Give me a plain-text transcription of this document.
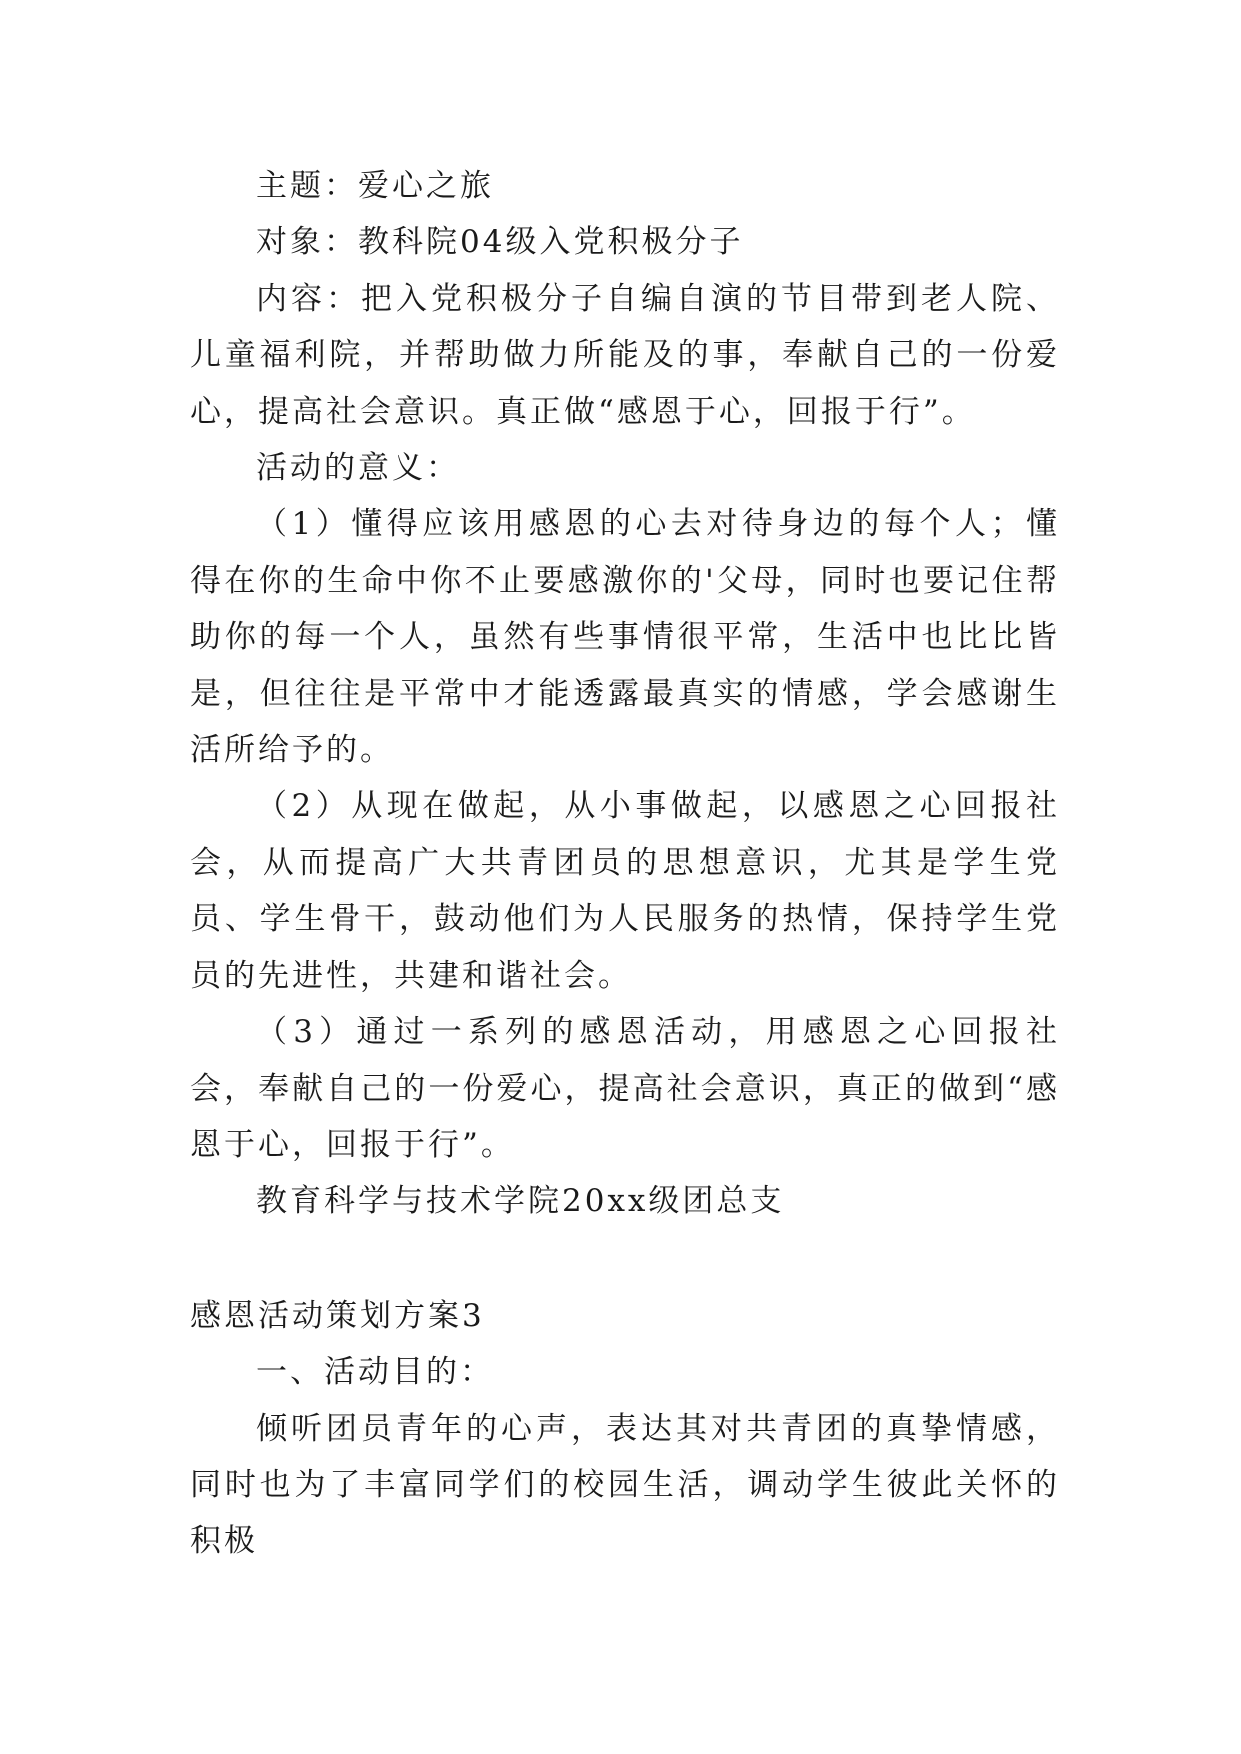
主题：爱心之旅

对象：教科院04级入党积极分子

内容：把入党积极分子自编自演的节目带到老人院、儿童福利院，并帮助做力所能及的事，奉献自己的一份爱心，提高社会意识。真正做“感恩于心，回报于行”。

活动的意义：

（1）懂得应该用感恩的心去对待身边的每个人；懂得在你的生命中你不止要感激你的'父母，同时也要记住帮助你的每一个人，虽然有些事情很平常，生活中也比比皆是，但往往是平常中才能透露最真实的情感，学会感谢生活所给予的。

（2）从现在做起，从小事做起，以感恩之心回报社会，从而提高广大共青团员的思想意识，尤其是学生党员、学生骨干，鼓动他们为人民服务的热情，保持学生党员的先进性，共建和谐社会。

（3）通过一系列的感恩活动，用感恩之心回报社会，奉献自己的一份爱心，提高社会意识，真正的做到“感恩于心，回报于行”。

教育科学与技术学院20xx级团总支

感恩活动策划方案3

一、活动目的：

倾听团员青年的心声，表达其对共青团的真挚情感，同时也为了丰富同学们的校园生活，调动学生彼此关怀的积极
